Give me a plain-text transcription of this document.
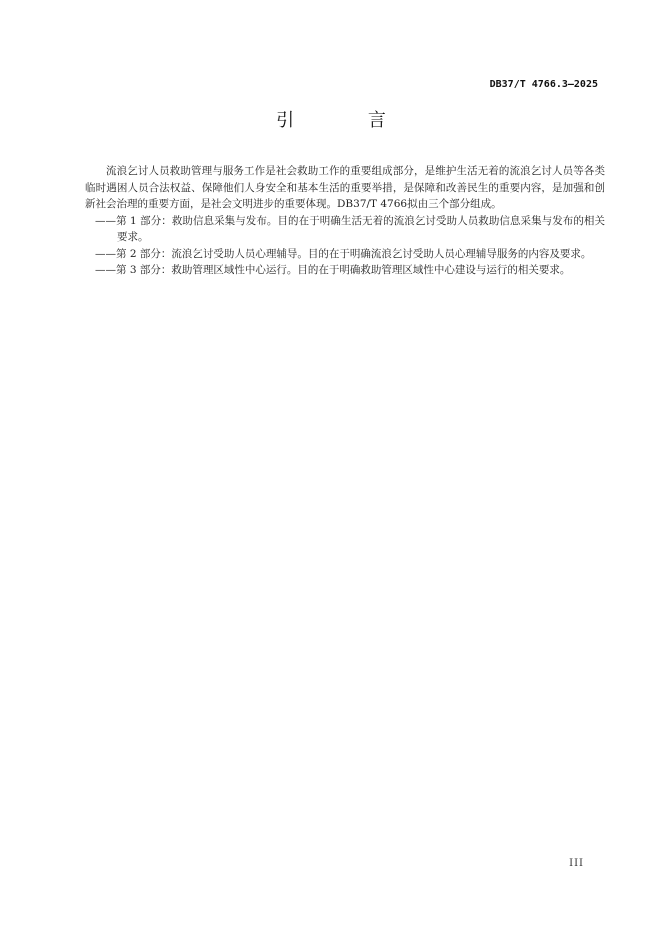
DB37/T 4766.3—2025
引 言

流浪乞讨人员救助管理与服务工作是社会救助工作的重要组成部分，是维护生活无着的流浪乞讨人员等各类临时遇困人员合法权益、保障他们人身安全和基本生活的重要举措，是保障和改善民生的重要内容，是加强和创新社会治理的重要方面，是社会文明进步的重要体现。DB37/T 4766拟由三个部分组成。

——第 1 部分：救助信息采集与发布。目的在于明确生活无着的流浪乞讨受助人员救助信息采集与发布的相关要求。

——第 2 部分：流浪乞讨受助人员心理辅导。目的在于明确流浪乞讨受助人员心理辅导服务的内容及要求。

——第 3 部分：救助管理区域性中心运行。目的在于明确救助管理区域性中心建设与运行的相关要求。

III
